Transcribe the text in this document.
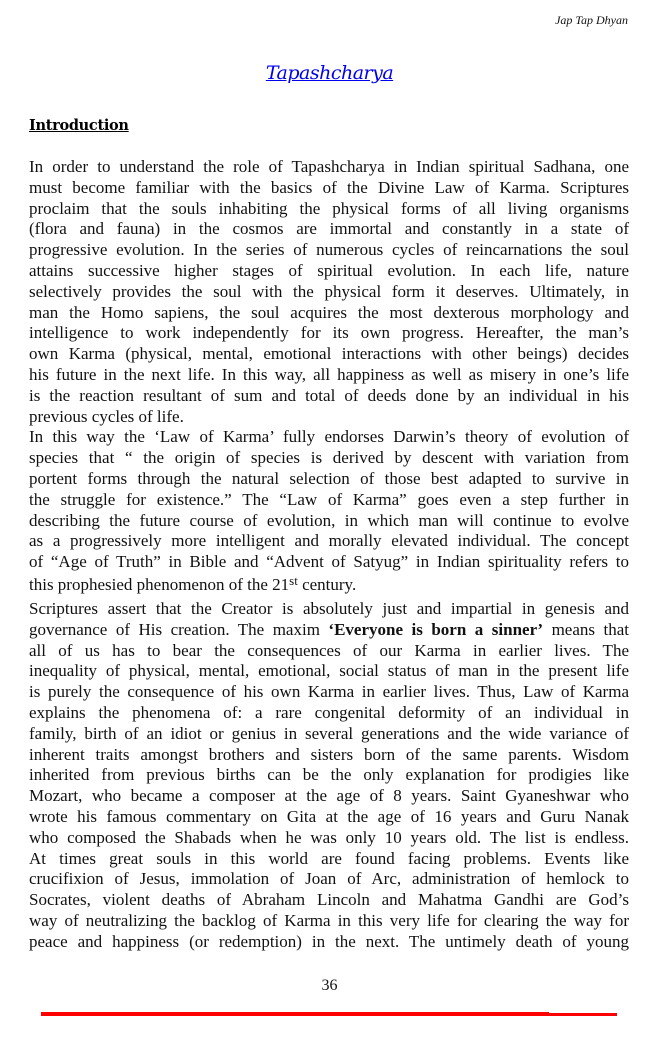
Jap Tap Dhyan
Tapashcharya
Introduction
In order to understand the role of Tapashcharya in Indian spiritual Sadhana, one
must become familiar with the basics of the Divine Law of Karma. Scriptures
proclaim that the souls inhabiting the physical forms of all living organisms
(flora and fauna) in the cosmos are immortal and constantly in a state of
progressive evolution. In the series of numerous cycles of reincarnations the soul
attains successive higher stages of spiritual evolution. In each life, nature
selectively provides the soul with the physical form it deserves. Ultimately, in
man the Homo sapiens, the soul acquires the most dexterous morphology and
intelligence to work independently for its own progress. Hereafter, the man’s
own Karma (physical, mental, emotional interactions with other beings) decides
his future in the next life. In this way, all happiness as well as misery in one’s life
is the reaction resultant of sum and total of deeds done by an individual in his
previous cycles of life.
In this way the ‘Law of Karma’ fully endorses Darwin’s theory of evolution of
species that “ the origin of species is derived by descent with variation from
portent forms through the natural selection of those best adapted to survive in
the struggle for existence.” The “Law of Karma” goes even a step further in
describing the future course of evolution, in which man will continue to evolve
as a progressively more intelligent and morally elevated individual. The concept
of “Age of Truth” in Bible and “Advent of Satyug” in Indian spirituality refers to
this prophesied phenomenon of the 21st century.
Scriptures assert that the Creator is absolutely just and impartial in genesis and
governance of His creation. The maxim ‘Everyone is born a sinner’ means that
all of us has to bear the consequences of our Karma in earlier lives. The
inequality of physical, mental, emotional, social status of man in the present life
is purely the consequence of his own Karma in earlier lives. Thus, Law of Karma
explains the phenomena of: a rare congenital deformity of an individual in
family, birth of an idiot or genius in several generations and the wide variance of
inherent traits amongst brothers and sisters born of the same parents. Wisdom
inherited from previous births can be the only explanation for prodigies like
Mozart, who became a composer at the age of 8 years. Saint Gyaneshwar who
wrote his famous commentary on Gita at the age of 16 years and Guru Nanak
who composed the Shabads when he was only 10 years old. The list is endless.
At times great souls in this world are found facing problems. Events like
crucifixion of Jesus, immolation of Joan of Arc, administration of hemlock to
Socrates, violent deaths of Abraham Lincoln and Mahatma Gandhi are God’s
way of neutralizing the backlog of Karma in this very life for clearing the way for
peace and happiness (or redemption) in the next. The untimely death of young
36
